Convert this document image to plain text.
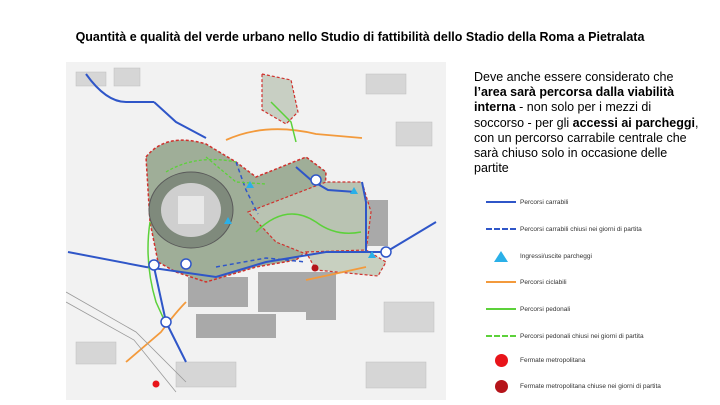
Quantità e qualità del verde urbano nello Studio di fattibilità dello Stadio della Roma a Pietralata
Deve anche essere considerato che l’area sarà percorsa dalla viabilità interna - non solo per i mezzi di soccorso - per gli accessi ai parcheggi, con un percorso carrabile centrale che sarà chiuso solo in occasione delle partite
Percorsi carrabili
Percorsi carrabili chiusi nei giorni di partita
Ingressi/uscite parcheggi
Percorsi ciclabili
Percorsi pedonali
Percorsi pedonali chiusi nei giorni di partita
Fermate metropolitana
Fermate metropolitana chiuse nei giorni di partita
